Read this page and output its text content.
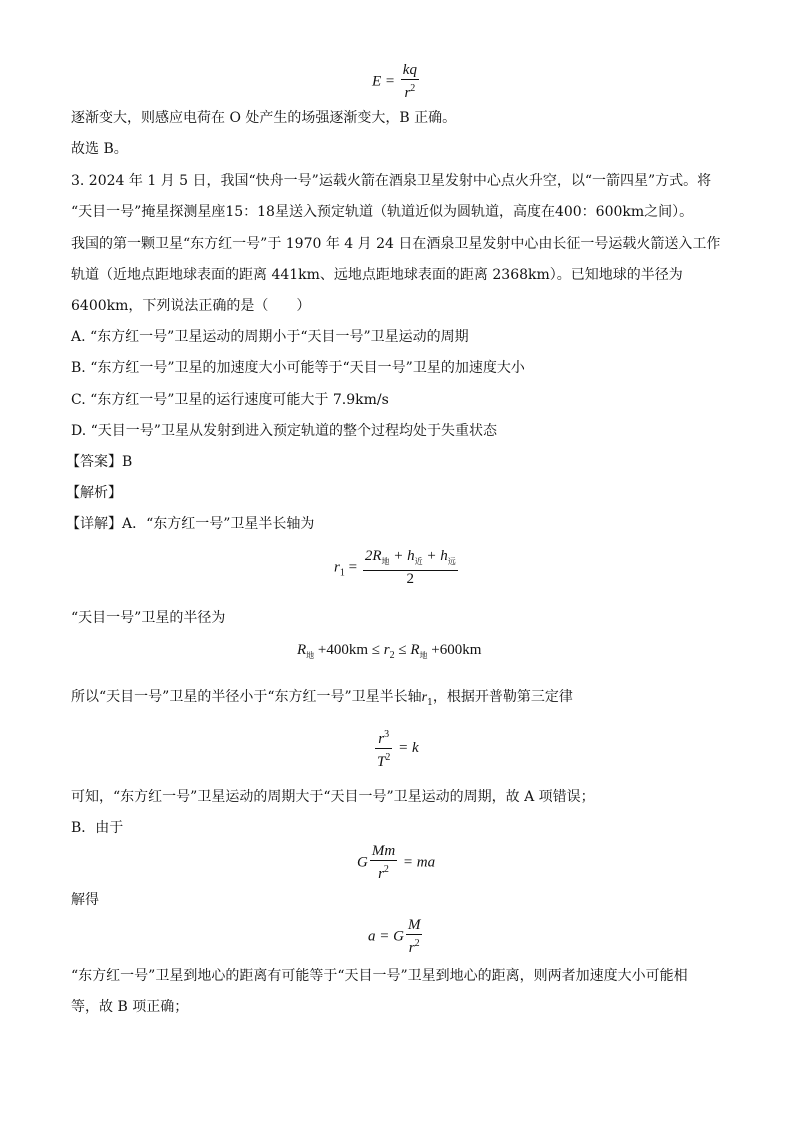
$E = \frac{kq}{r^2}$
逐渐变大，则感应电荷在 O 处产生的场强逐渐变大，B 正确。
故选 B。
3. 2024 年 1 月 5 日，我国“快舟一号”运载火箭在酒泉卫星发射中心点火升空，以“一箭四星”方式。将
“天目一号”掩星探测星座15：18星送入预定轨道（轨道近似为圆轨道，高度在400：600km之间）。
我国的第一颗卫星“东方红一号”于 1970 年 4 月 24 日在酒泉卫星发射中心由长征一号运载火箭送入工作
轨道（近地点距地球表面的距离 441km、远地点距地球表面的距离 2368km）。已知地球的半径为
6400km，下列说法正确的是（　　）
A. “东方红一号”卫星运动的周期小于“天目一号”卫星运动的周期
B. “东方红一号”卫星的加速度大小可能等于“天目一号”卫星的加速度大小
C. “东方红一号”卫星的运行速度可能大于 7.9km/s
D. “天目一号”卫星从发射到进入预定轨道的整个过程均处于失重状态
【答案】B
【解析】
【详解】A．“东方红一号”卫星半长轴为
$r_1 = \frac{2R_地 + h_近 + h_远}{2}$
“天目一号”卫星的半径为
$R_地 +400km \le r_2 \le R_地 +600km$
所以“天目一号”卫星的半径小于“东方红一号”卫星半长轴$r_1$，根据开普勒第三定律
$\frac{r^3}{T^2} = k$
可知，“东方红一号”卫星运动的周期大于“天目一号”卫星运动的周期，故 A 项错误；
B．由于
G $\frac{Mm}{r^2}$ = ma
解得
a = G $\frac{M}{r^2}$
“东方红一号”卫星到地心的距离有可能等于“天目一号”卫星到地心的距离，则两者加速度大小可能相
等，故 B 项正确；
